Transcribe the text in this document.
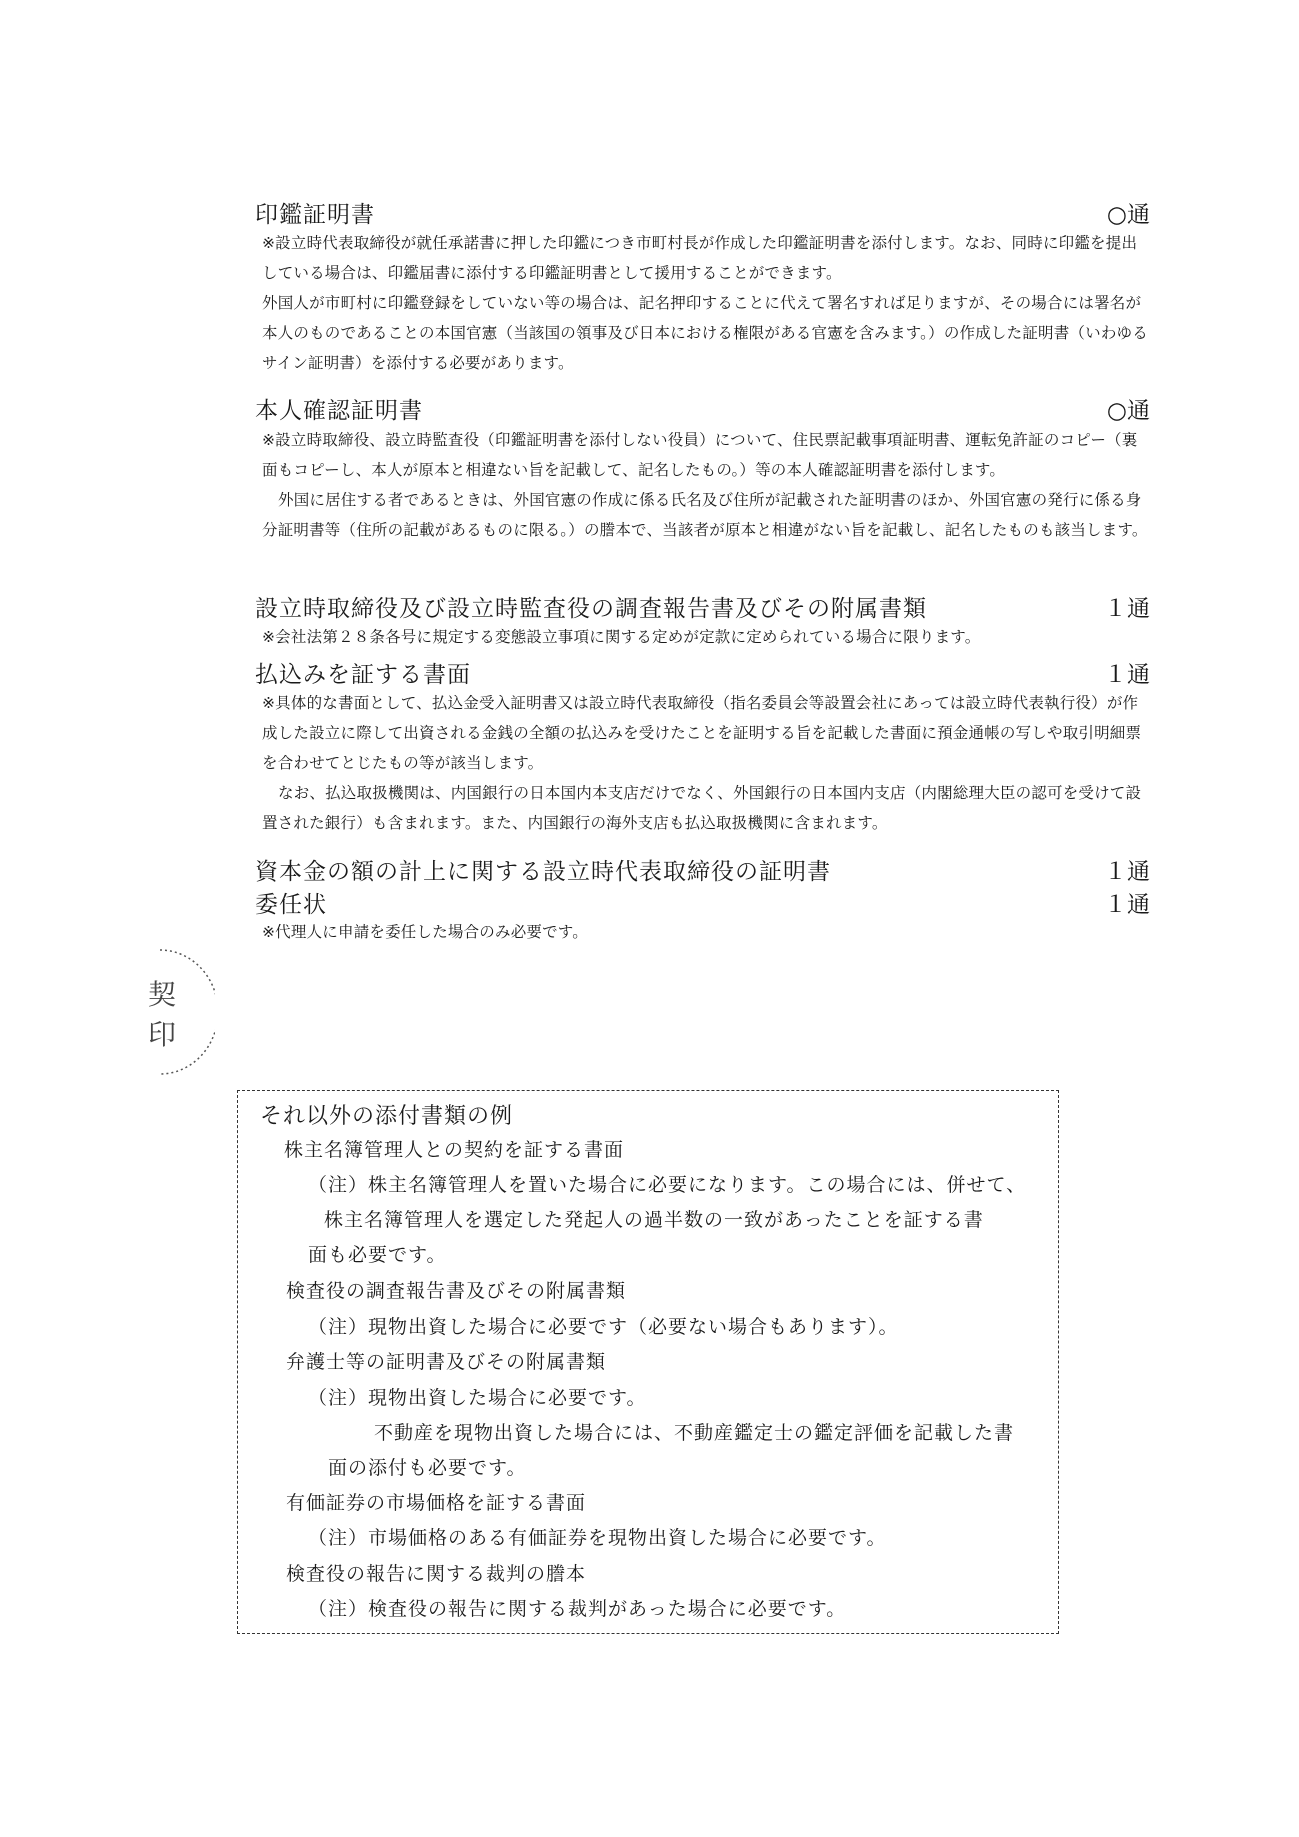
印鑑証明書	○通

※設立時代表取締役が就任承諾書に押した印鑑につき市町村長が作成した印鑑証明書を添付します。なお、同時に印鑑を提出している場合は、印鑑届書に添付する印鑑証明書として援用することができます。

外国人が市町村に印鑑登録をしていない等の場合は、記名押印することに代えて署名すれば足りますが、その場合には署名が本人のものであることの本国官憲（当該国の領事及び日本における権限がある官憲を含みます。）の作成した証明書（いわゆるサイン証明書）を添付する必要があります。

本人確認証明書	○通

※設立時取締役、設立時監査役（印鑑証明書を添付しない役員）について、住民票記載事項証明書、運転免許証のコピー（裏面もコピーし、本人が原本と相違ない旨を記載して、記名したもの。）等の本人確認証明書を添付します。

外国に居住する者であるときは、外国官憲の作成に係る氏名及び住所が記載された証明書のほか、外国官憲の発行に係る身分証明書等（住所の記載があるものに限る。）の謄本で、当該者が原本と相違がない旨を記載し、記名したものも該当します。

設立時取締役及び設立時監査役の調査報告書及びその附属書類	１通

※会社法第２８条各号に規定する変態設立事項に関する定めが定款に定められている場合に限ります。

払込みを証する書面	１通

※具体的な書面として、払込金受入証明書又は設立時代表取締役（指名委員会等設置会社にあっては設立時代表執行役）が作成した設立に際して出資される金銭の全額の払込みを受けたことを証明する旨を記載した書面に預金通帳の写しや取引明細票を合わせてとじたもの等が該当します。

なお、払込取扱機関は、内国銀行の日本国内本支店だけでなく、外国銀行の日本国内支店（内閣総理大臣の認可を受けて設置された銀行）も含まれます。また、内国銀行の海外支店も払込取扱機関に含まれます。

資本金の額の計上に関する設立時代表取締役の証明書	１通
委任状	１通

※代理人に申請を委任した場合のみ必要です。

契
印
それ以外の添付書類の例
株主名簿管理人との契約を証する書面
（注）株主名簿管理人を置いた場合に必要になります。この場合には、併せて、
株主名簿管理人を選定した発起人の過半数の一致があったことを証する書
面も必要です。
検査役の調査報告書及びその附属書類
（注）現物出資した場合に必要です（必要ない場合もあります）。
弁護士等の証明書及びその附属書類
（注）現物出資した場合に必要です。
不動産を現物出資した場合には、不動産鑑定士の鑑定評価を記載した書
面の添付も必要です。
有価証券の市場価格を証する書面
（注）市場価格のある有価証券を現物出資した場合に必要です。
検査役の報告に関する裁判の謄本
（注）検査役の報告に関する裁判があった場合に必要です。
